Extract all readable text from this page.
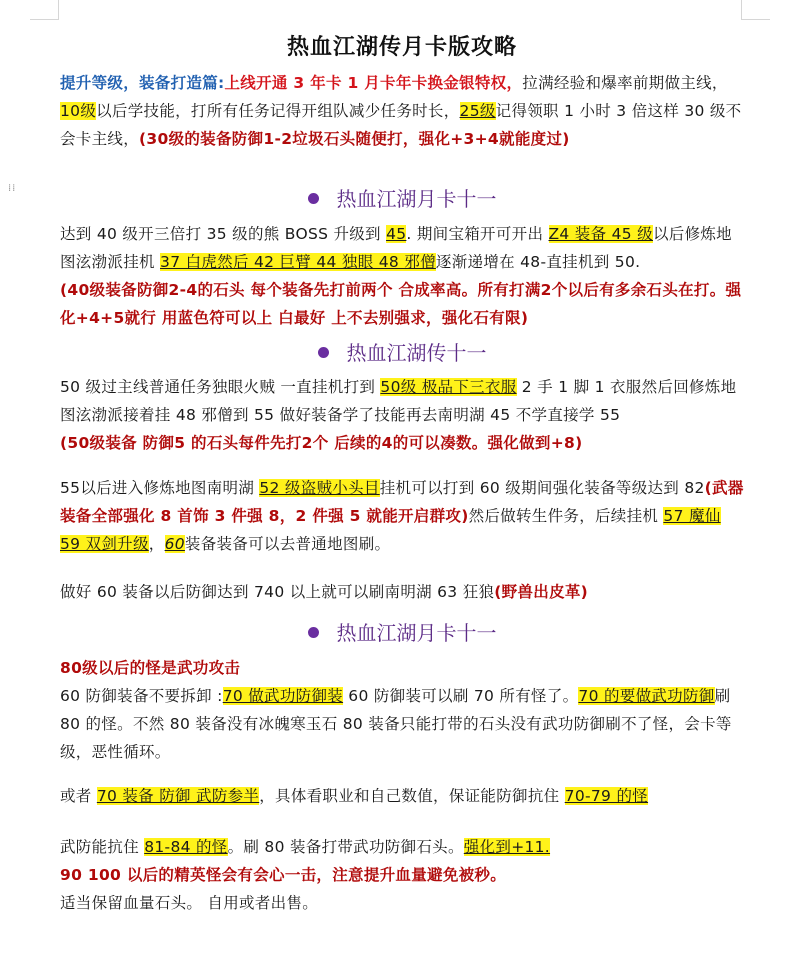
⁞⁞
热血江湖传月卡版攻略
提升等级，装备打造篇:上线开通 3 年卡 1 月卡年卡换金银特权，拉满经验和爆率前期做主线，10级以后学技能，打所有任务记得开组队减少任务时长，25级记得领职 1 小时 3 倍这样 30 级不会卡主线，(30级的装备防御1-2垃圾石头随便打，强化+3+4就能度过)
热血江湖月卡十一
达到 40 级开三倍打 35 级的熊 BOSS 升级到 45. 期间宝箱开可开出 Z4 装备 45 级以后修炼地图泫渤派挂机 37 白虎然后 42 巨臂 44 独眼 48 邪僧逐渐递增在 48-直挂机到 50.
(40级装备防御2-4的石头 每个装备先打前两个 合成率高。所有打满2个以后有多余石头在打。强化+4+5就行 用蓝色符可以上 白最好 上不去别强求，强化石有限)
热血江湖传十一
50 级过主线普通任务独眼火贼 一直挂机打到 50级 极品下三衣服 2 手 1 脚 1 衣服然后回修炼地图泫渤派接着挂 48 邪僧到 55 做好装备学了技能再去南明湖 45 不学直接学 55
(50级装备 防御5 的石头每件先打2个 后续的4的可以凑数。强化做到+8)
55以后进入修炼地图南明湖 52 级盗贼小头目挂机可以打到 60 级期间强化装备等级达到 82(武器装备全部强化 8 首饰 3 件强 8，2 件强 5 就能开启群攻)然后做转生件务，后续挂机 57 魔仙 59 双剑升级，60装备装备可以去普通地图刷。
做好 60 装备以后防御达到 740 以上就可以刷南明湖 63 狂狼(野兽出皮革)
热血江湖月卡十一
80级以后的怪是武功攻击
60 防御装备不要拆卸 :70 做武功防御装 60 防御装可以刷 70 所有怪了。70 的要做武功防御刷 80 的怪。不然 80 装备没有冰魄寒玉石 80 装备只能打带的石头没有武功防御刷不了怪，会卡等级，恶性循环。
或者 70 装备 防御 武防参半，具体看职业和自己数值，保证能防御抗住 70-79 的怪
武防能抗住 81-84 的怪。刷 80 装备打带武功防御石头。强化到+11.
90 100 以后的精英怪会有会心一击，注意提升血量避免被秒。
适当保留血量石头。 自用或者出售。
